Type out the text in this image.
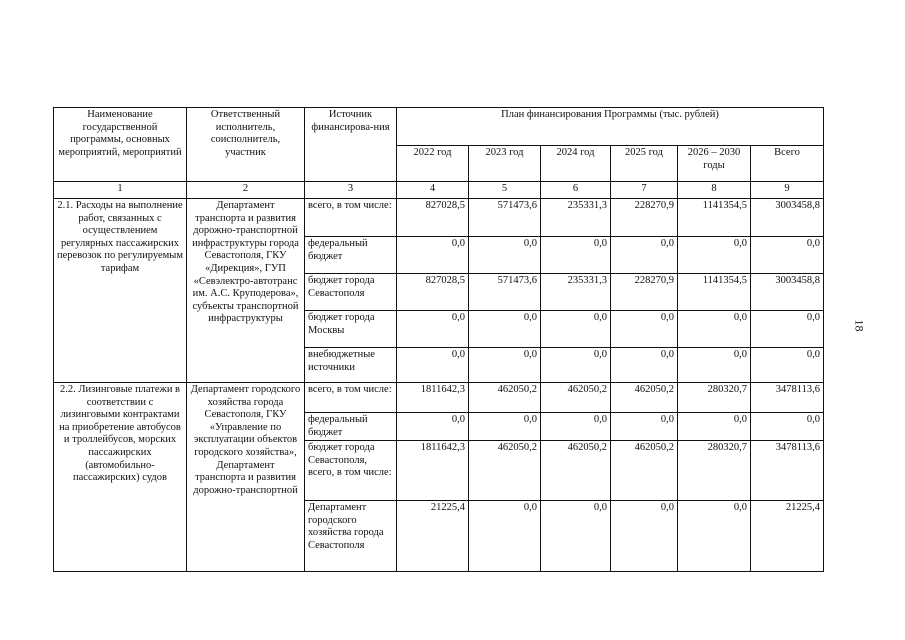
Наименование государственной программы, основных мероприятий, мероприятий	Ответственный исполнитель, соисполнитель, участник	Источник финансирова-ния	План финансирования Программы (тыс. рублей)					
			2022 год	2023 год	2024 год	2025 год	2026 – 2030 годы	Всего
1	2	3	4	5	6	7	8	9
2.1. Расходы на выполнение работ, связанных с осуществлением регулярных пассажирских перевозок по регулируемым тарифам	Департамент транспорта и развития дорожно-транспортной инфраструктуры города Севастополя, ГКУ «Дирекция», ГУП «Севэлектро-автотранс им. А.С. Круподерова», субъекты транспортной инфраструктуры	всего, в том числе:	827028,5	571473,6	235331,3	228270,9	1141354,5	3003458,8
		федеральный бюджет	0,0	0,0	0,0	0,0	0,0	0,0
		бюджет города Севастополя	827028,5	571473,6	235331,3	228270,9	1141354,5	3003458,8
		бюджет города Москвы	0,0	0,0	0,0	0,0	0,0	0,0
		внебюджетные источники	0,0	0,0	0,0	0,0	0,0	0,0
2.2. Лизинговые платежи в соответствии с лизинговыми контрактами на приобретение автобусов и троллейбусов, морских пассажирских (автомобильно-пассажирских) судов	Департамент городского хозяйства города Севастополя, ГКУ «Управление по эксплуатации объектов городского хозяйства», Департамент транспорта и развития дорожно-транспортной	всего, в том числе:	1811642,3	462050,2	462050,2	462050,2	280320,7	3478113,6
		федеральный бюджет	0,0	0,0	0,0	0,0	0,0	0,0
		бюджет города Севастополя, всего, в том числе:	1811642,3	462050,2	462050,2	462050,2	280320,7	3478113,6
		Департамент городского хозяйства города Севастополя	21225,4	0,0	0,0	0,0	0,0	21225,4
18
